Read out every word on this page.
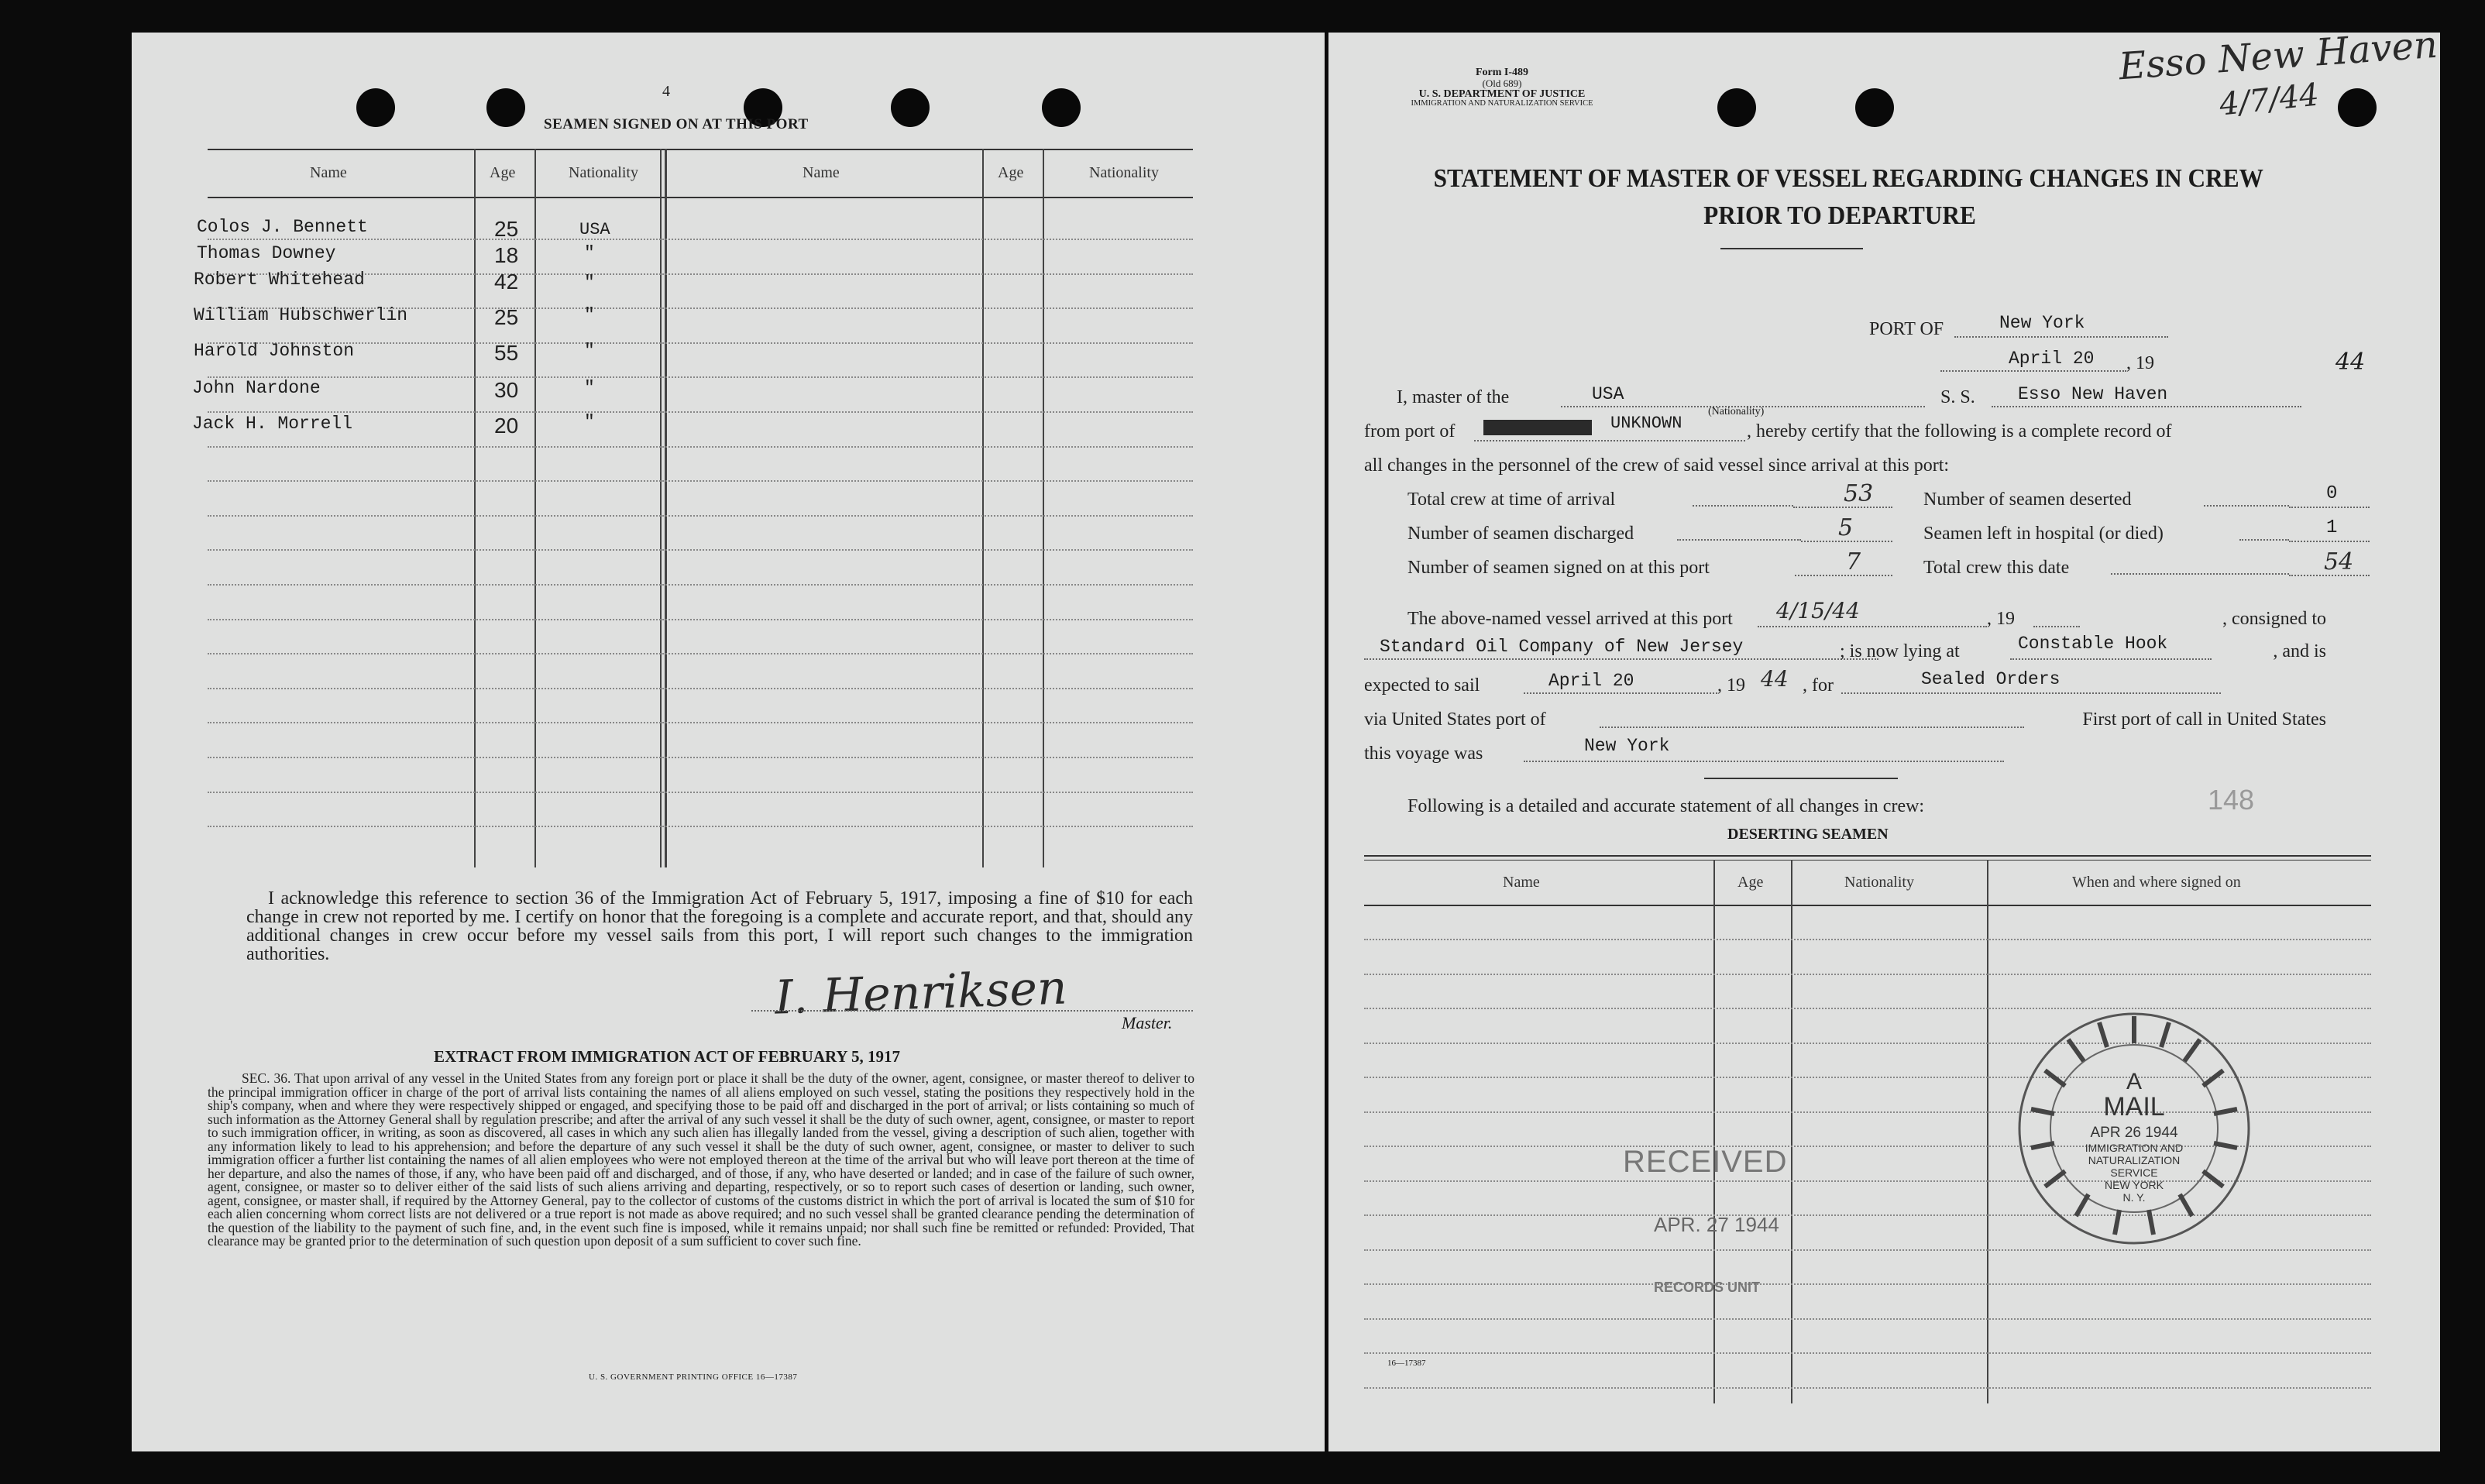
4
SEAMEN SIGNED ON AT THIS PORT
Name	Age	Nationality	Name	Age	Nationality
Colos J. Bennett	25	USA
Thomas Downey	18	"
Robert Whitehead	42	"
William Hubschwerlin	25	"
Harold Johnston	55	"
John Nardone	30	"
Jack H. Morrell	20	"
I acknowledge this reference to section 36 of the Immigration Act of February 5, 1917, imposing a fine of $10 for each change in crew not reported by me. I certify on honor that the foregoing is a complete and accurate report, and that, should any additional changes in crew occur before my vessel sails from this port, I will report such changes to the immigration authorities.
I. Henriksen	Master.
EXTRACT FROM IMMIGRATION ACT OF FEBRUARY 5, 1917
SEC. 36. That upon arrival of any vessel in the United States from any foreign port or place it shall be the duty of the owner, agent, consignee, or master thereof to deliver to the principal immigration officer in charge of the port of arrival lists containing the names of all aliens employed on such vessel, stating the positions they respectively hold in the ship's company, when and where they were respectively shipped or engaged, and specifying those to be paid off and discharged in the port of arrival; or lists containing so much of such information as the Attorney General shall by regulation prescribe; and after the arrival of any such vessel it shall be the duty of such owner, agent, consignee, or master to report to such immigration officer, in writing, as soon as discovered, all cases in which any such alien has illegally landed from the vessel, giving a description of such alien, together with any information likely to lead to his apprehension; and before the departure of any such vessel it shall be the duty of such owner, agent, consignee, or master to deliver to such immigration officer a further list containing the names of all alien employees who were not employed thereon at the time of the arrival but who will leave port thereon at the time of her departure, and also the names of those, if any, who have been paid off and discharged, and of those, if any, who have deserted or landed; and in case of the failure of such owner, agent, consignee, or master so to deliver either of the said lists of such aliens arriving and departing, respectively, or so to report such cases of desertion or landing, such owner, agent, consignee, or master shall, if required by the Attorney General, pay to the collector of customs of the customs district in which the port of arrival is located the sum of $10 for each alien concerning whom correct lists are not delivered or a true report is not made as above required; and no such vessel shall be granted clearance pending the determination of the question of the liability to the payment of such fine, and, in the event such fine is imposed, while it remains unpaid; nor shall such fine be remitted or refunded: Provided, That clearance may be granted prior to the determination of such question upon deposit of a sum sufficient to cover such fine.
U. S. GOVERNMENT PRINTING OFFICE 16—17387
Esso New Haven
4/7/44
Form I-489
(Old 689)
U. S. DEPARTMENT OF JUSTICE
IMMIGRATION AND NATURALIZATION SERVICE
STATEMENT OF MASTER OF VESSEL REGARDING CHANGES IN CREW
PRIOR TO DEPARTURE
PORT OF	New York
April 20 , 19	44
I, master of the	USA
(Nationality)
S. S. Esso New Haven
from port of	UNKNOWN	, hereby certify that the following is a complete record of
all changes in the personnel of the crew of said vessel since arrival at this port:
Total crew at time of arrival	53
Number of seamen discharged	5
Number of seamen signed on at this port	7
Number of seamen deserted	0
Seamen left in hospital (or died)	1
Total crew this date	54
The above-named vessel arrived at this port 4/15/44	, 19	, consigned to
Standard Oil Company of New Jersey	; is now lying at	Constable Hook	, and is
expected to sail	April 20	, 19 44 , for	Sealed Orders
via United States port of	First port of call in United States
this voyage was	New York
Following is a detailed and accurate statement of all changes in crew:	148
DESERTING SEAMEN
Name	Age	Nationality	When and where signed on
RECEIVED
APR. 27 1944
RECORDS UNIT
A
MAIL
APR 26 1944
IMMIGRATION AND
NATURALIZATION
SERVICE
NEW YORK
N. Y.
16—17387
